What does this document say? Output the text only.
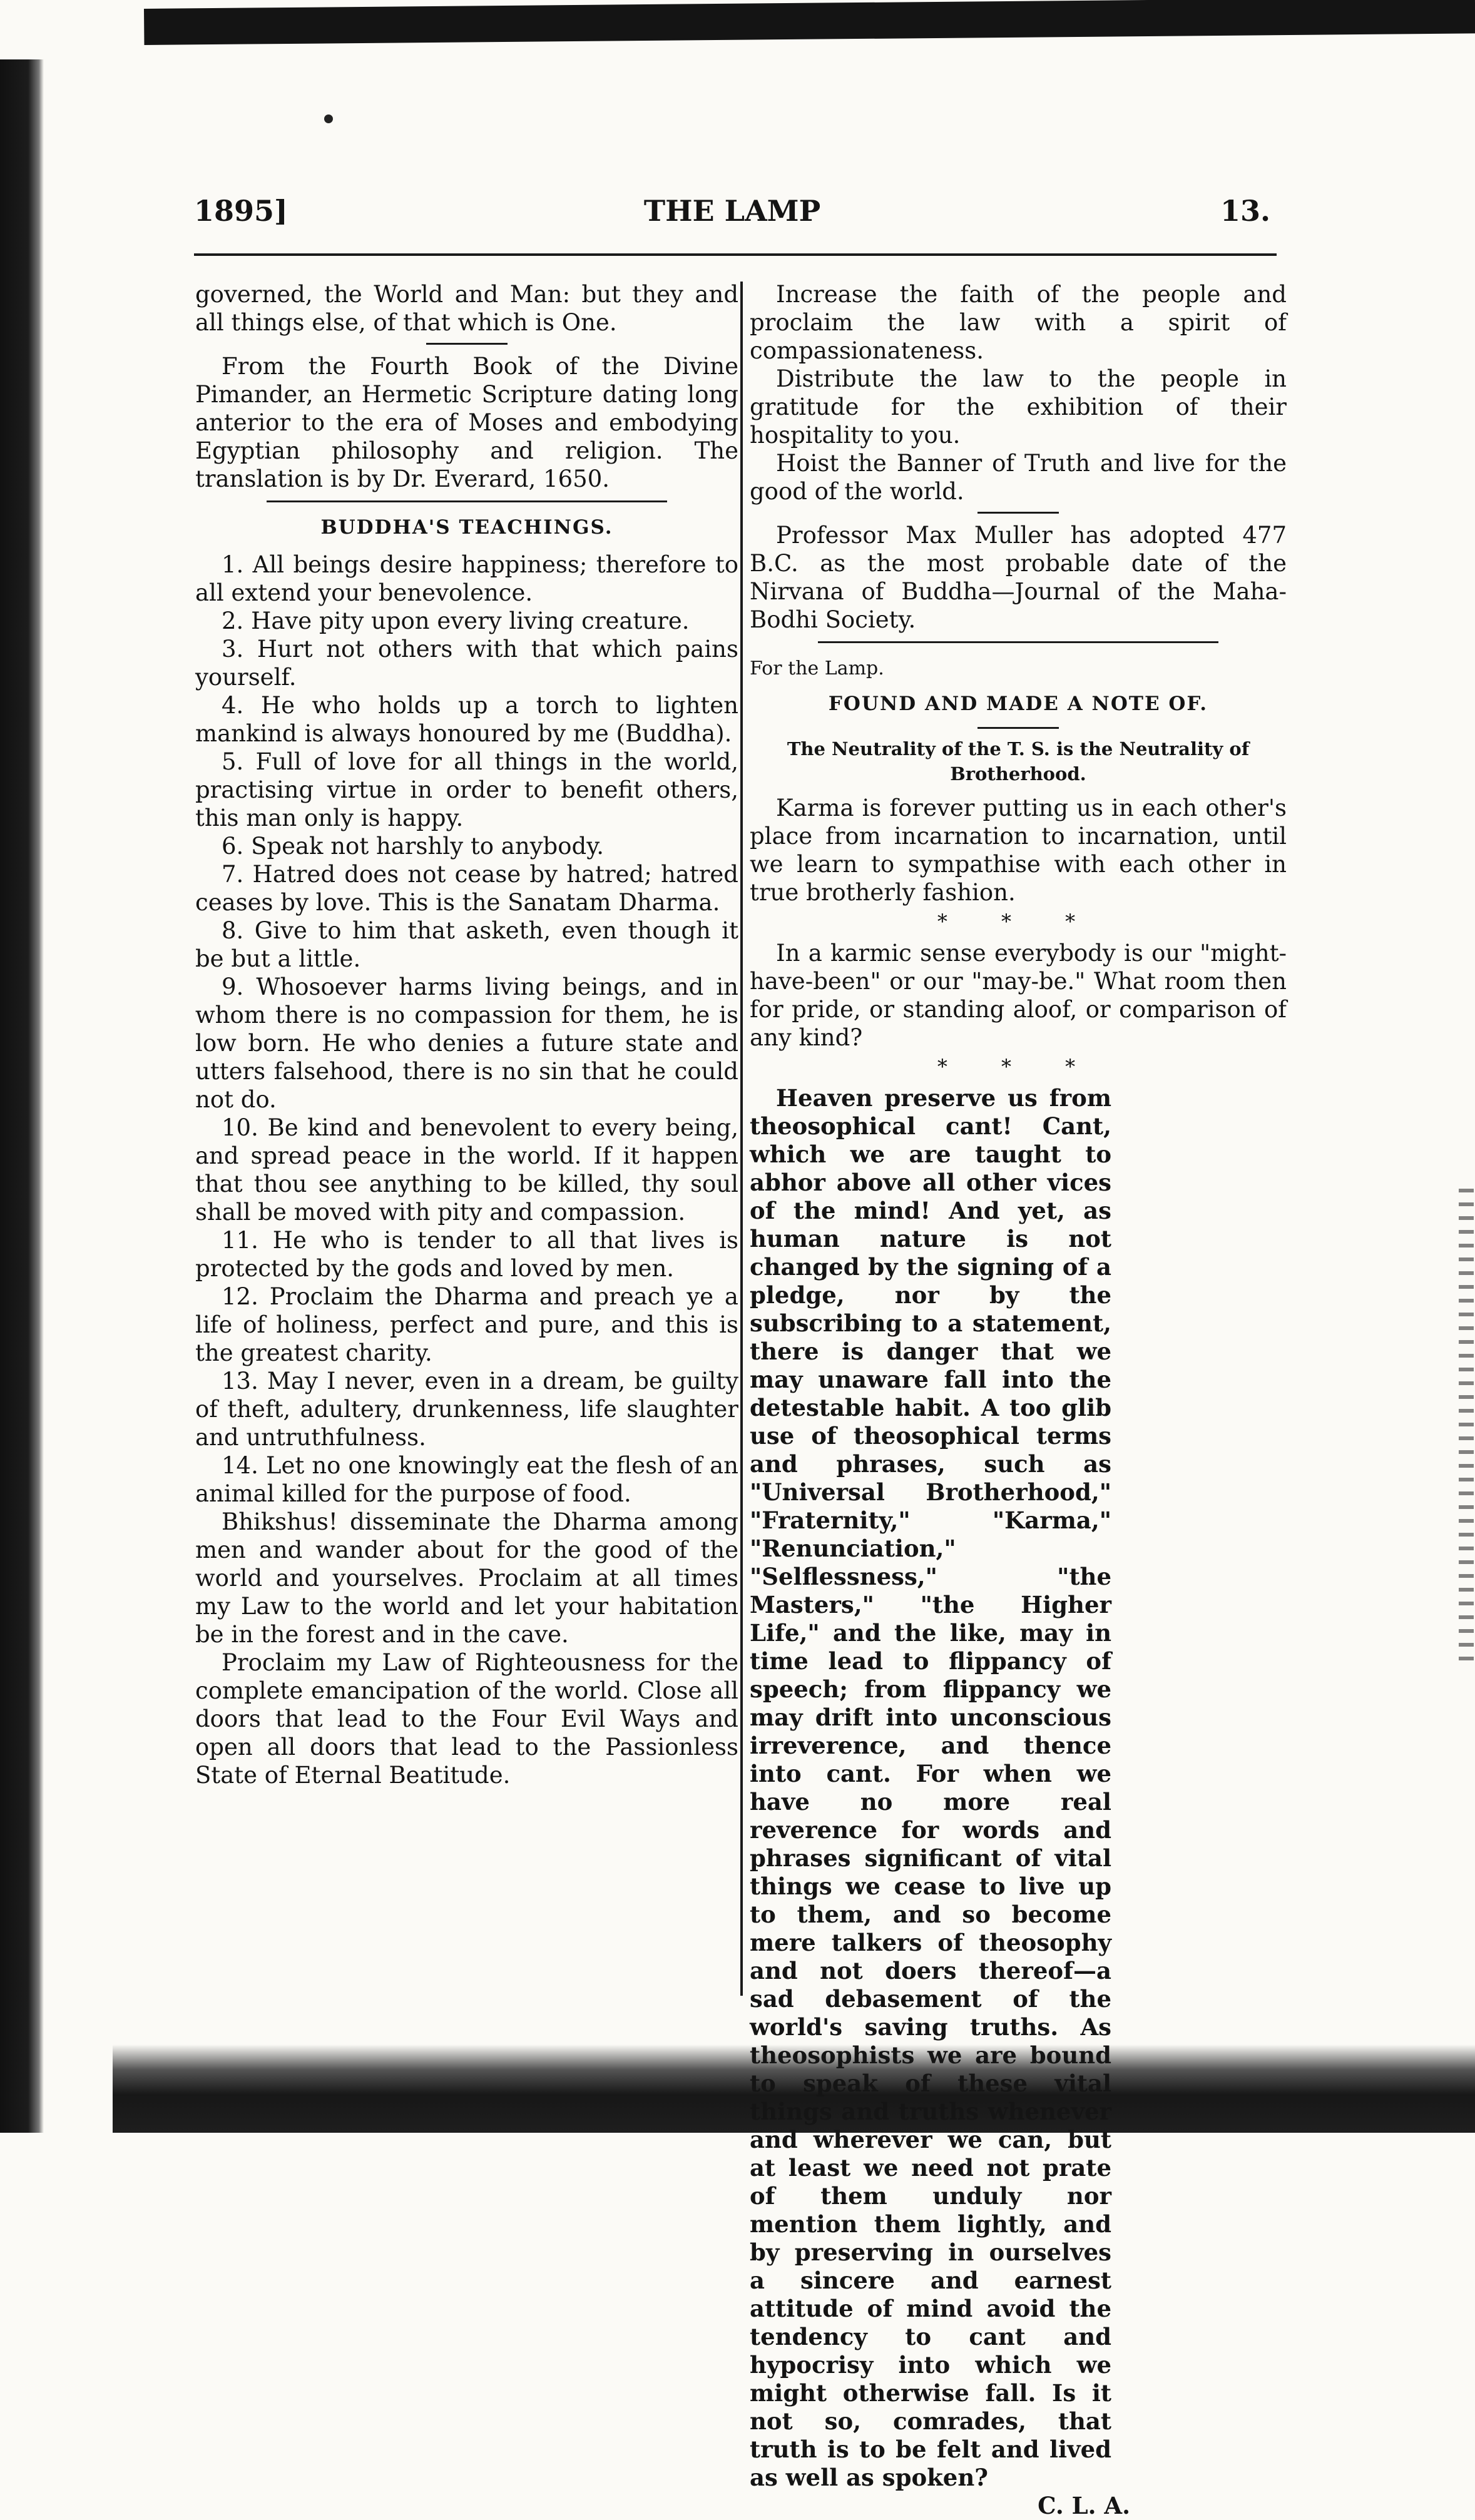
1895]	THE LAMP	13.

governed, the World and Man: but they and all things else, of that which is One.

From the Fourth Book of the Divine Pimander, an Hermetic Scripture dating long anterior to the era of Moses and embodying Egyptian philosophy and religion. The translation is by Dr. Everard, 1650.

BUDDHA'S TEACHINGS.

1. All beings desire happiness; therefore to all extend your benevolence.

2. Have pity upon every living creature.

3. Hurt not others with that which pains yourself.

4. He who holds up a torch to lighten mankind is always honoured by me (Buddha).

5. Full of love for all things in the world, practising virtue in order to benefit others, this man only is happy.

6. Speak not harshly to anybody.

7. Hatred does not cease by hatred; hatred ceases by love. This is the Sanatam Dharma.

8. Give to him that asketh, even though it be but a little.

9. Whosoever harms living beings, and in whom there is no compassion for them, he is low born. He who denies a future state and utters falsehood, there is no sin that he could not do.

10. Be kind and benevolent to every being, and spread peace in the world. If it happen that thou see anything to be killed, thy soul shall be moved with pity and compassion.

11. He who is tender to all that lives is protected by the gods and loved by men.

12. Proclaim the Dharma and preach ye a life of holiness, perfect and pure, and this is the greatest charity.

13. May I never, even in a dream, be guilty of theft, adultery, drunkenness, life slaughter and untruthfulness.

14. Let no one knowingly eat the flesh of an animal killed for the purpose of food.

Bhikshus! disseminate the Dharma among men and wander about for the good of the world and yourselves. Proclaim at all times my Law to the world and let your habitation be in the forest and in the cave.

Proclaim my Law of Righteousness for the complete emancipation of the world. Close all doors that lead to the Four Evil Ways and open all doors that lead to the Passionless State of Eternal Beatitude.

Increase the faith of the people and proclaim the law with a spirit of compassionateness.

Distribute the law to the people in gratitude for the exhibition of their hospitality to you.

Hoist the Banner of Truth and live for the good of the world.

Professor Max Muller has adopted 477 B.C. as the most probable date of the Nirvana of Buddha—Journal of the Maha-Bodhi Society.

For the Lamp.

FOUND AND MADE A NOTE OF.

The Neutrality of the T. S. is the Neutrality of Brotherhood.

Karma is forever putting us in each other's place from incarnation to incarnation, until we learn to sympathise with each other in true brotherly fashion.

* * *

In a karmic sense everybody is our "might-have-been" or our "may-be." What room then for pride, or standing aloof, or comparison of any kind?

* * *

Heaven preserve us from theosophical cant! Cant, which we are taught to abhor above all other vices of the mind! And yet, as human nature is not changed by the signing of a pledge, nor by the subscribing to a statement, there is danger that we may unaware fall into the detestable habit. A too glib use of theosophical terms and phrases, such as "Universal Brotherhood," "Fraternity," "Karma," "Renunciation," "Selflessness," "the Masters," "the Higher Life," and the like, may in time lead to flippancy of speech; from flippancy we may drift into unconscious irreverence, and thence into cant. For when we have no more real reverence for words and phrases significant of vital things we cease to live up to them, and so become mere talkers of theosophy and not doers thereof—a sad debasement of the world's saving truths. As theosophists we are bound to speak of these vital things and truths whenever and wherever we can, but at least we need not prate of them unduly nor mention them lightly, and by preserving in ourselves a sincere and earnest attitude of mind avoid the tendency to cant and hypocrisy into which we might otherwise fall. Is it not so, comrades, that truth is to be felt and lived as well as spoken?

C. L. A.
